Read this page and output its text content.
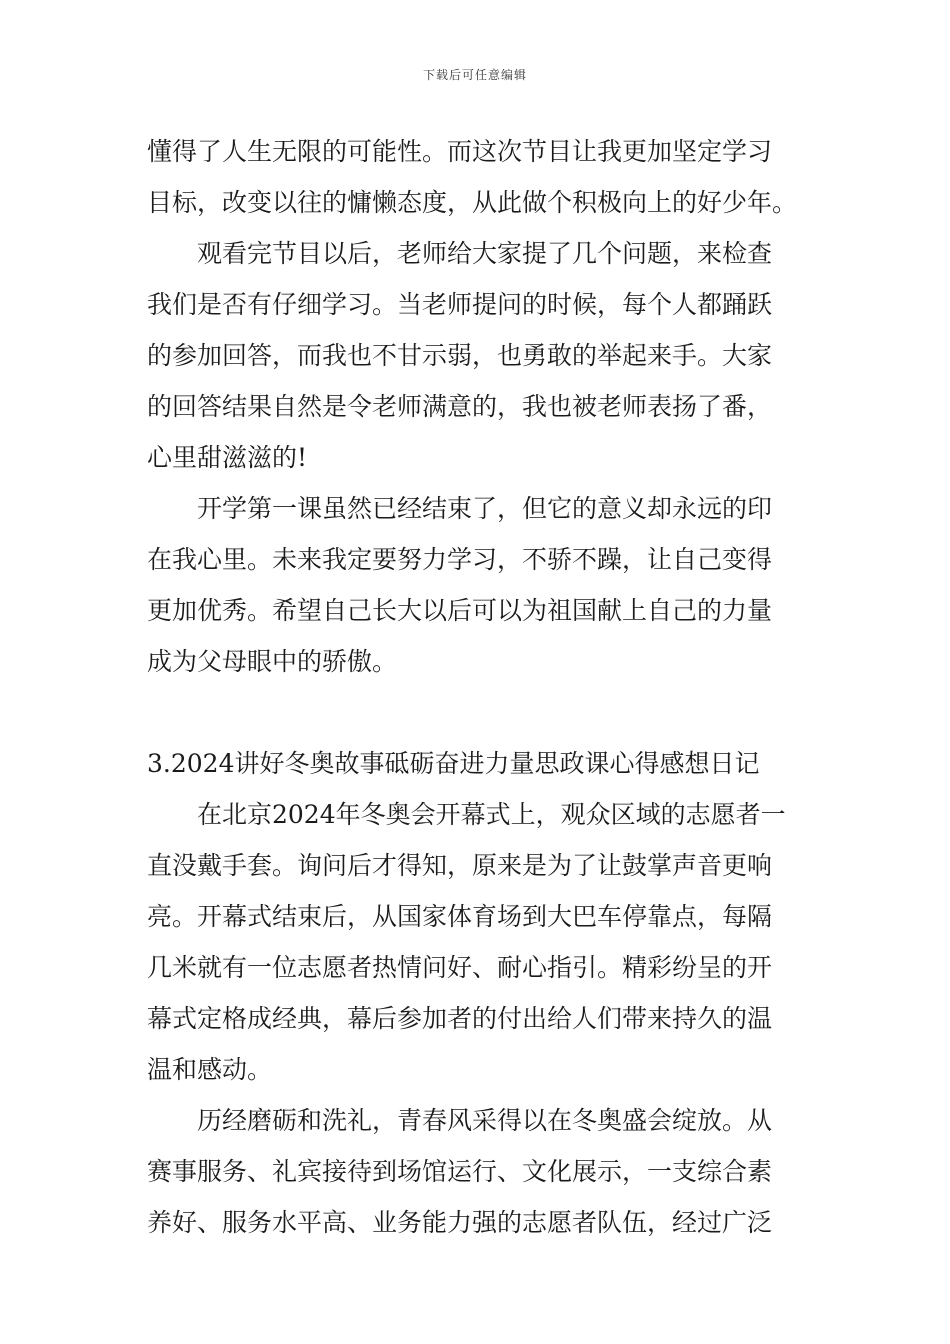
下载后可任意编辑
懂得了人生无限的可能性。而这次节目让我更加坚定学习
目标，改变以往的慵懒态度，从此做个积极向上的好少年。
观看完节目以后，老师给大家提了几个问题，来检查
我们是否有仔细学习。当老师提问的时候，每个人都踊跃
的参加回答，而我也不甘示弱，也勇敢的举起来手。大家
的回答结果自然是令老师满意的，我也被老师表扬了番，
心里甜滋滋的!
开学第一课虽然已经结束了，但它的意义却永远的印
在我心里。未来我定要努力学习，不骄不躁，让自己变得
更加优秀。希望自己长大以后可以为祖国献上自己的力量
成为父母眼中的骄傲。
3.2024讲好冬奥故事砥砺奋进力量思政课心得感想日记
在北京2024年冬奥会开幕式上，观众区域的志愿者一
直没戴手套。询问后才得知，原来是为了让鼓掌声音更响
亮。开幕式结束后，从国家体育场到大巴车停靠点，每隔
几米就有一位志愿者热情问好、耐心指引。精彩纷呈的开
幕式定格成经典，幕后参加者的付出给人们带来持久的温
温和感动。
历经磨砺和洗礼，青春风采得以在冬奥盛会绽放。从
赛事服务、礼宾接待到场馆运行、文化展示，一支综合素
养好、服务水平高、业务能力强的志愿者队伍，经过广泛
